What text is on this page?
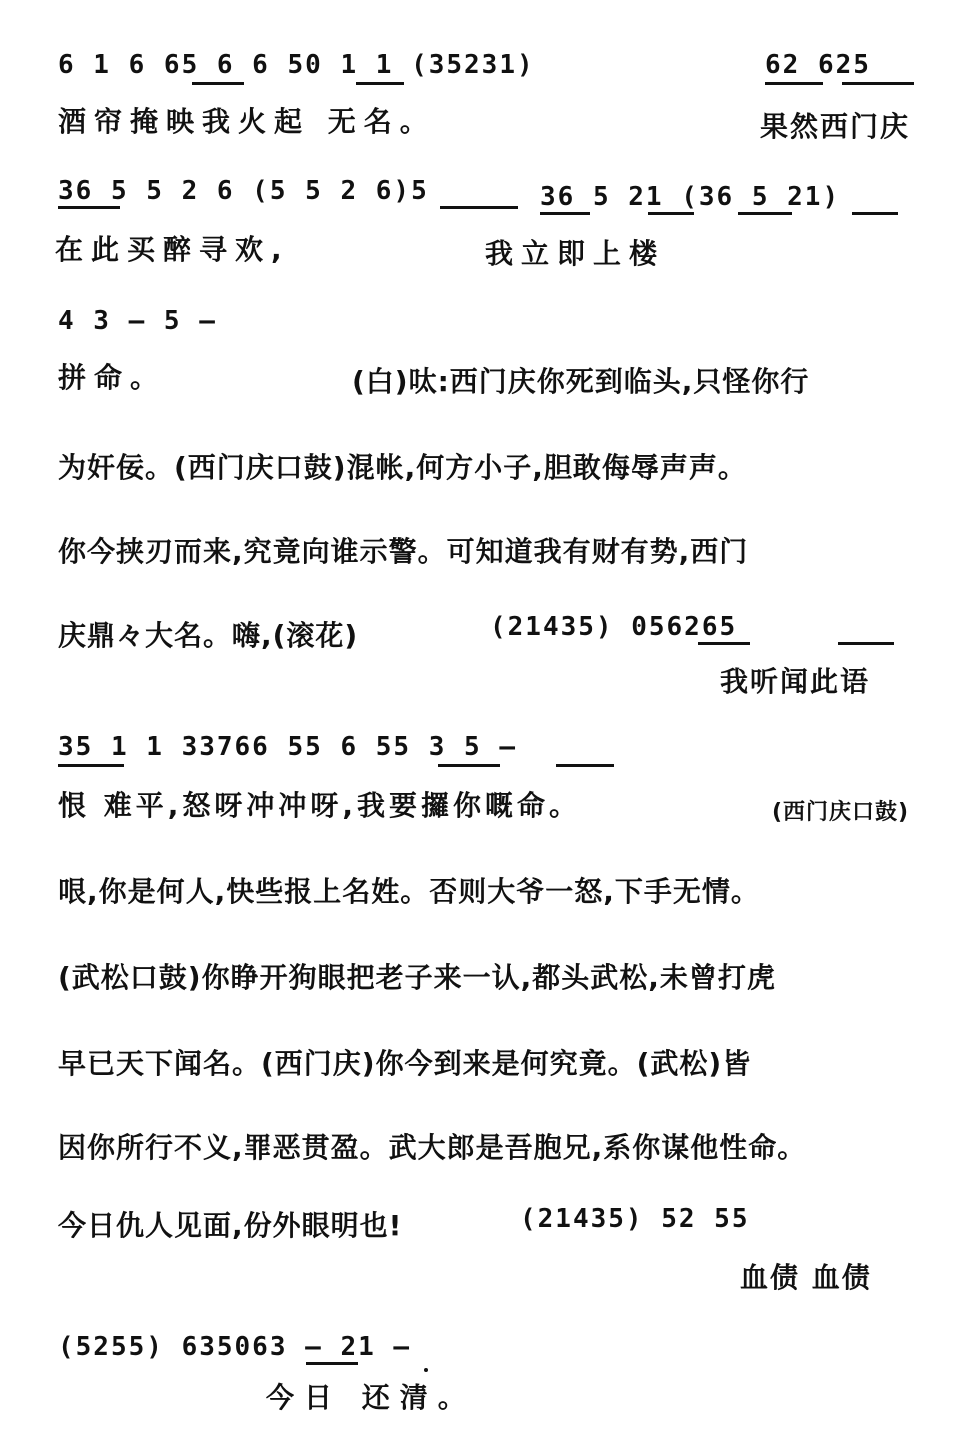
6 1 6 65 6 6 50 1 1 (35231)	62 625
酒帘掩映我火起 无名。	果然西门庆
36 5 5 2 6 (5 5 2 6)5	36 5 21 (36 5 21)
在此买醉寻欢,	我立即上楼
4 3 — 5 —
拼命。	(白)呔:西门庆你死到临头,只怪你行
为奸佞。(西门庆口鼓)混帐,何方小子,胆敢侮辱声声。
你今挟刃而来,究竟向谁示警。可知道我有财有势,西门
庆鼎々大名。嗨,(滚花)	(21435) 056265
我听闻此语
35 1 1 33766 55 6 55 3 5 —
恨 难平,怒呀冲冲呀,我要攞你嘅命。	(西门庆口鼓)
哏,你是何人,快些报上名姓。否则大爷一怒,下手无情。
(武松口鼓)你睁开狗眼把老子来一认,都头武松,未曾打虎
早已天下闻名。(西门庆)你今到来是何究竟。(武松)皆
因你所行不义,罪恶贯盈。武大郎是吾胞兄,系你谋他性命。
今日仇人见面,份外眼明也!	(21435) 52 55
血债 血债
(5255) 635063 — 21 —
今日 还清。
